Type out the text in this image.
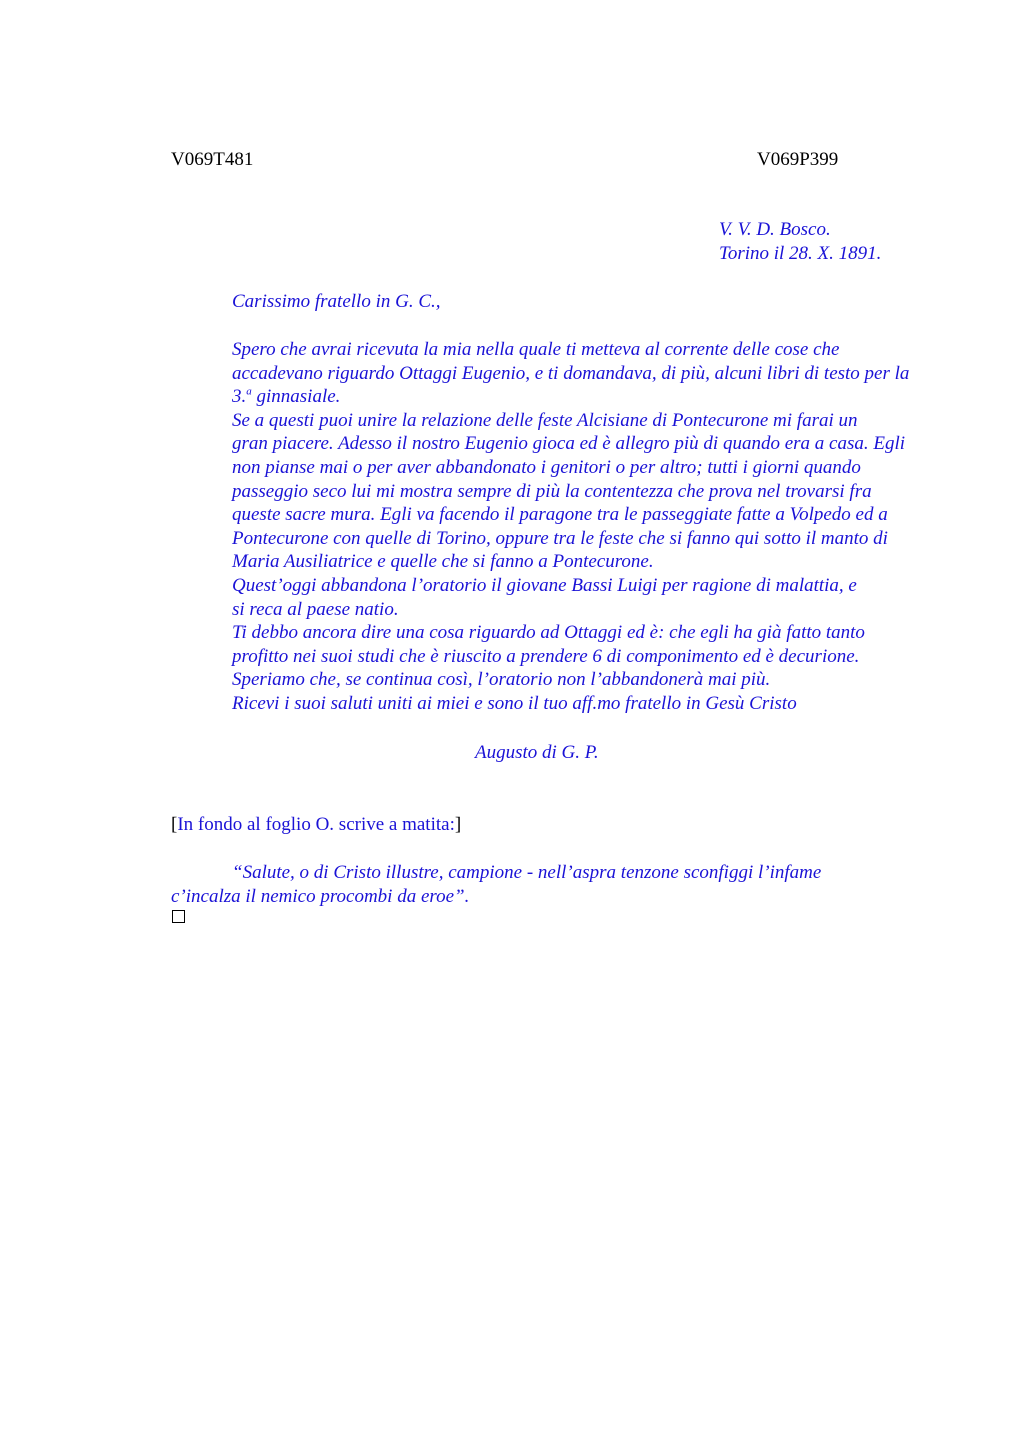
V069T481	V069P399
V. V. D. Bosco.
Torino il 28. X. 1891.
Carissimo fratello in G. C.,

Spero che avrai ricevuta la mia nella quale ti metteva al corrente delle cose che
accadevano riguardo Ottaggi Eugenio, e ti domandava, di più, alcuni libri di testo per la
3.$^a$ ginnasiale.

Se a questi puoi unire la relazione delle feste Alcisiane di Pontecurone mi farai un
gran piacere. Adesso il nostro Eugenio gioca ed è allegro più di quando era a casa. Egli
non pianse mai o per aver abbandonato i genitori o per altro; tutti i giorni quando
passeggio seco lui mi mostra sempre di più la contentezza che prova nel trovarsi fra
queste sacre mura. Egli va facendo il paragone tra le passeggiate fatte a Volpedo ed a
Pontecurone con quelle di Torino, oppure tra le feste che si fanno qui sotto il manto di
Maria Ausiliatrice e quelle che si fanno a Pontecurone.

Quest’oggi abbandona l’oratorio il giovane Bassi Luigi per ragione di malattia, e
si reca al paese natio.

Ti debbo ancora dire una cosa riguardo ad Ottaggi ed è: che egli ha già fatto tanto
profitto nei suoi studi che è riuscito a prendere 6 di componimento ed è decurione.

Speriamo che, se continua così, l’oratorio non l’abbandonerà mai più.

Ricevi i suoi saluti uniti ai miei e sono il tuo aff.mo fratello in Gesù Cristo

Augusto di G. P.
[In fondo al foglio O. scrive a matita:]
“Salute, o di Cristo illustre, campione - nell’aspra tenzone sconfiggi l’infame
c’incalza il nemico procombi da eroe”.
